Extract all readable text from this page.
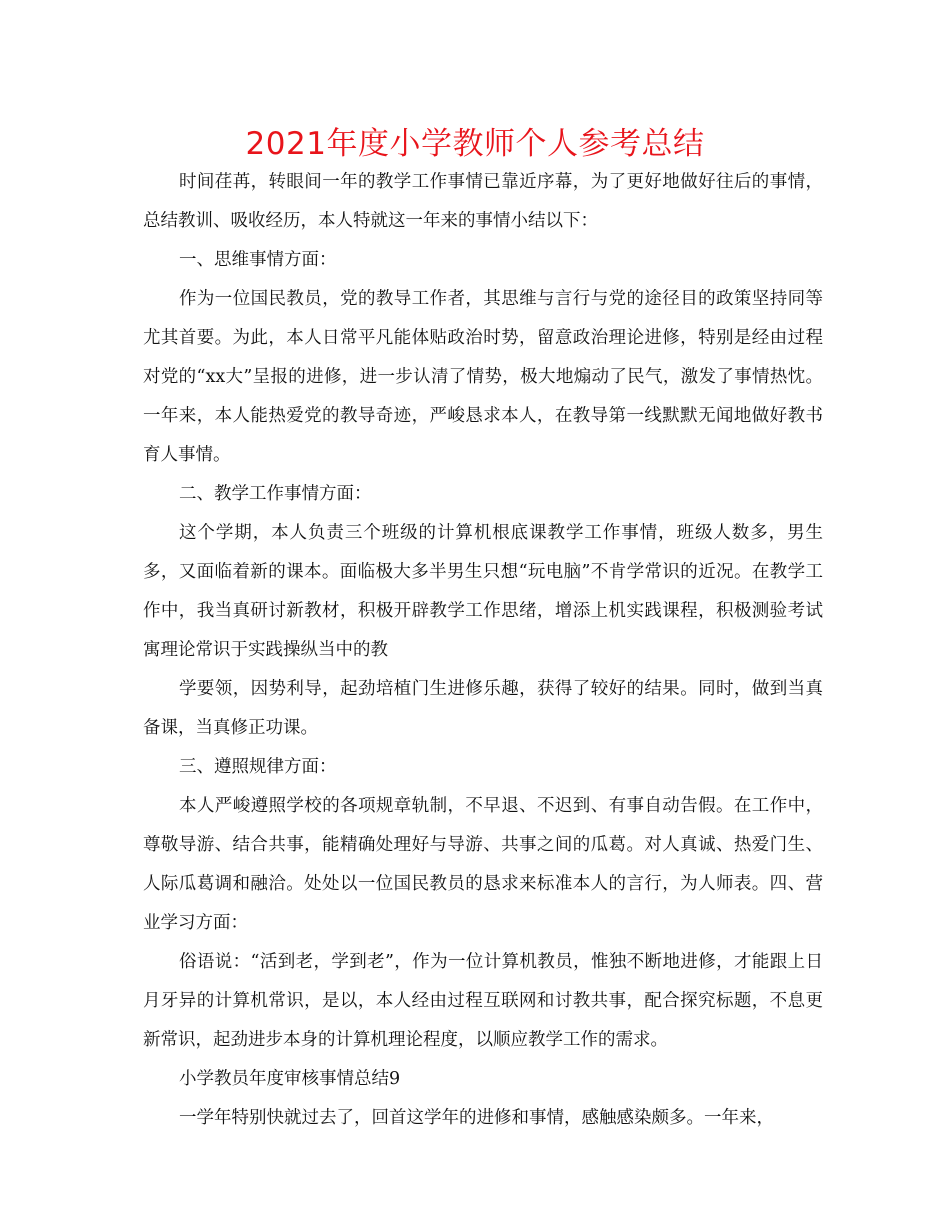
2021年度小学教师个人参考总结

时间荏苒，转眼间一年的教学工作事情已靠近序幕，为了更好地做好往后的事情，总结教训、吸收经历，本人特就这一年来的事情小结以下：

一、思维事情方面：

作为一位国民教员，党的教导工作者，其思维与言行与党的途径目的政策坚持同等尤其首要。为此，本人日常平凡能体贴政治时势，留意政治理论进修，特别是经由过程对党的“xx大”呈报的进修，进一步认清了情势，极大地煽动了民气，激发了事情热忱。一年来，本人能热爱党的教导奇迹，严峻恳求本人，在教导第一线默默无闻地做好教书育人事情。

二、教学工作事情方面：

这个学期，本人负责三个班级的计算机根底课教学工作事情，班级人数多，男生多，又面临着新的课本。面临极大多半男生只想“玩电脑”不肯学常识的近况。在教学工作中，我当真研讨新教材，积极开辟教学工作思绪，增添上机实践课程，积极测验考试寓理论常识于实践操纵当中的教

学要领，因势利导，起劲培植门生进修乐趣，获得了较好的结果。同时，做到当真备课，当真修正功课。

三、遵照规律方面：

本人严峻遵照学校的各项规章轨制，不早退、不迟到、有事自动告假。在工作中，尊敬导游、结合共事，能精确处理好与导游、共事之间的瓜葛。对人真诚、热爱门生、人际瓜葛调和融洽。处处以一位国民教员的恳求来标准本人的言行，为人师表。四、营业学习方面：

俗语说：“活到老，学到老”，作为一位计算机教员，惟独不断地进修，才能跟上日月牙异的计算机常识，是以，本人经由过程互联网和讨教共事，配合探究标题，不息更新常识，起劲进步本身的计算机理论程度，以顺应教学工作的需求。

小学教员年度审核事情总结9

一学年特别快就过去了，回首这学年的进修和事情，感触感染颇多。一年来，
